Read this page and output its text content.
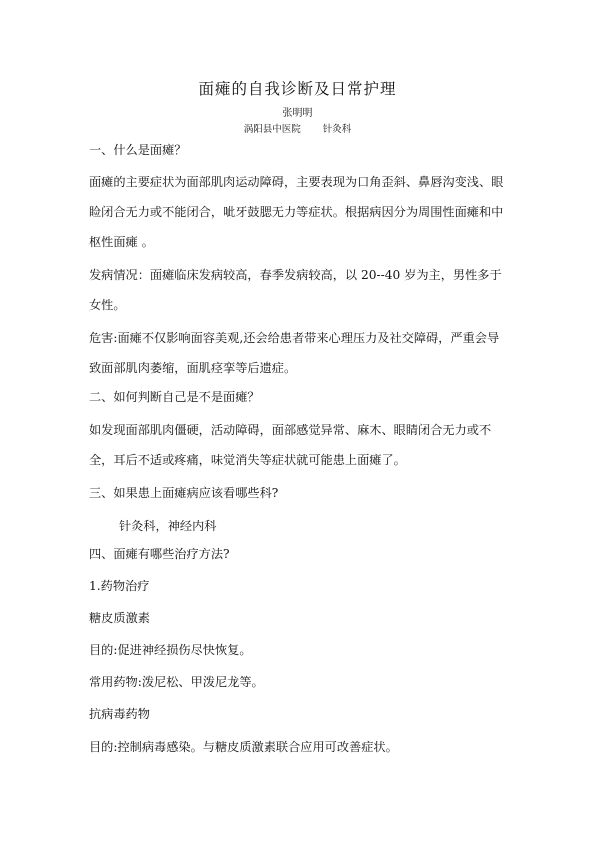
面瘫的自我诊断及日常护理
张明明
涡阳县中医院 针灸科
一、什么是面瘫？
面瘫的主要症状为面部肌肉运动障碍，主要表现为口角歪斜、鼻唇沟变浅、眼睑闭合无力或不能闭合，呲牙鼓腮无力等症状。根据病因分为周围性面瘫和中枢性面瘫 。
发病情况：面瘫临床发病较高，春季发病较高，以 20--40 岁为主，男性多于女性。
危害:面瘫不仅影响面容美观,还会给患者带来心理压力及社交障碍，严重会导致面部肌肉萎缩，面肌痉挛等后遗症。
二、如何判断自己是不是面瘫？
如发现面部肌肉僵硬，活动障碍，面部感觉异常、麻木、眼睛闭合无力或不全，耳后不适或疼痛，味觉消失等症状就可能患上面瘫了。
三、如果患上面瘫病应该看哪些科?
针灸科，神经内科
四、面瘫有哪些治疗方法?
1.药物治疗
糖皮质激素
目的:促进神经损伤尽快恢复。
常用药物:泼尼松、甲泼尼龙等。
抗病毒药物
目的:控制病毒感染。与糖皮质激素联合应用可改善症状。
